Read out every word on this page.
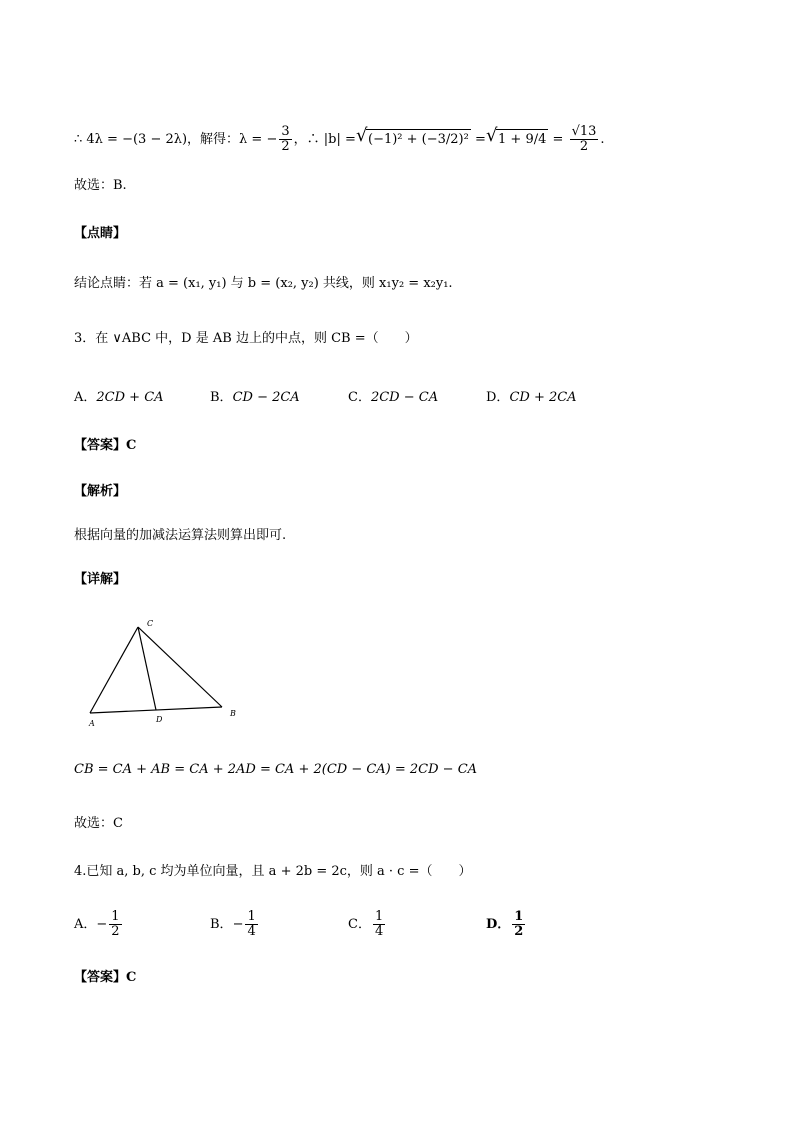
∴ 4λ = −(3 − 2λ)，解得：λ = − $\frac{3}{2}$ ，∴ |b| = √ (−1)² + (−3/2)² = √ $1 + 9/4 = \frac{√13}{2}$ .
故选：B.
【点睛】
结论点睛：若 a = (x₁, y₁) 与 b = (x₂, y₂) 共线，则 x₁y₂ = x₂y₁.
3．在 ∨ABC 中，D 是 AB 边上的中点，则 CB =（　　）
A．2CD + CA	B．CD − 2CA	C．2CD − CA	D．CD + 2CA
【答案】C
【解析】
根据向量的加减法运算法则算出即可.
【详解】
C
A	D
B
CB = CA + AB = CA + 2AD = CA + 2(CD − CA) = 2CD − CA
故选：C
4.已知 a, b, c 均为单位向量，且 a + 2b = 2c，则 a · c =（　　）
A．− $\frac{1}{2}$	B．− $\frac{1}{4}$	C． $\frac{1}{4}$	D． $\frac{1}{2}$
【答案】C
